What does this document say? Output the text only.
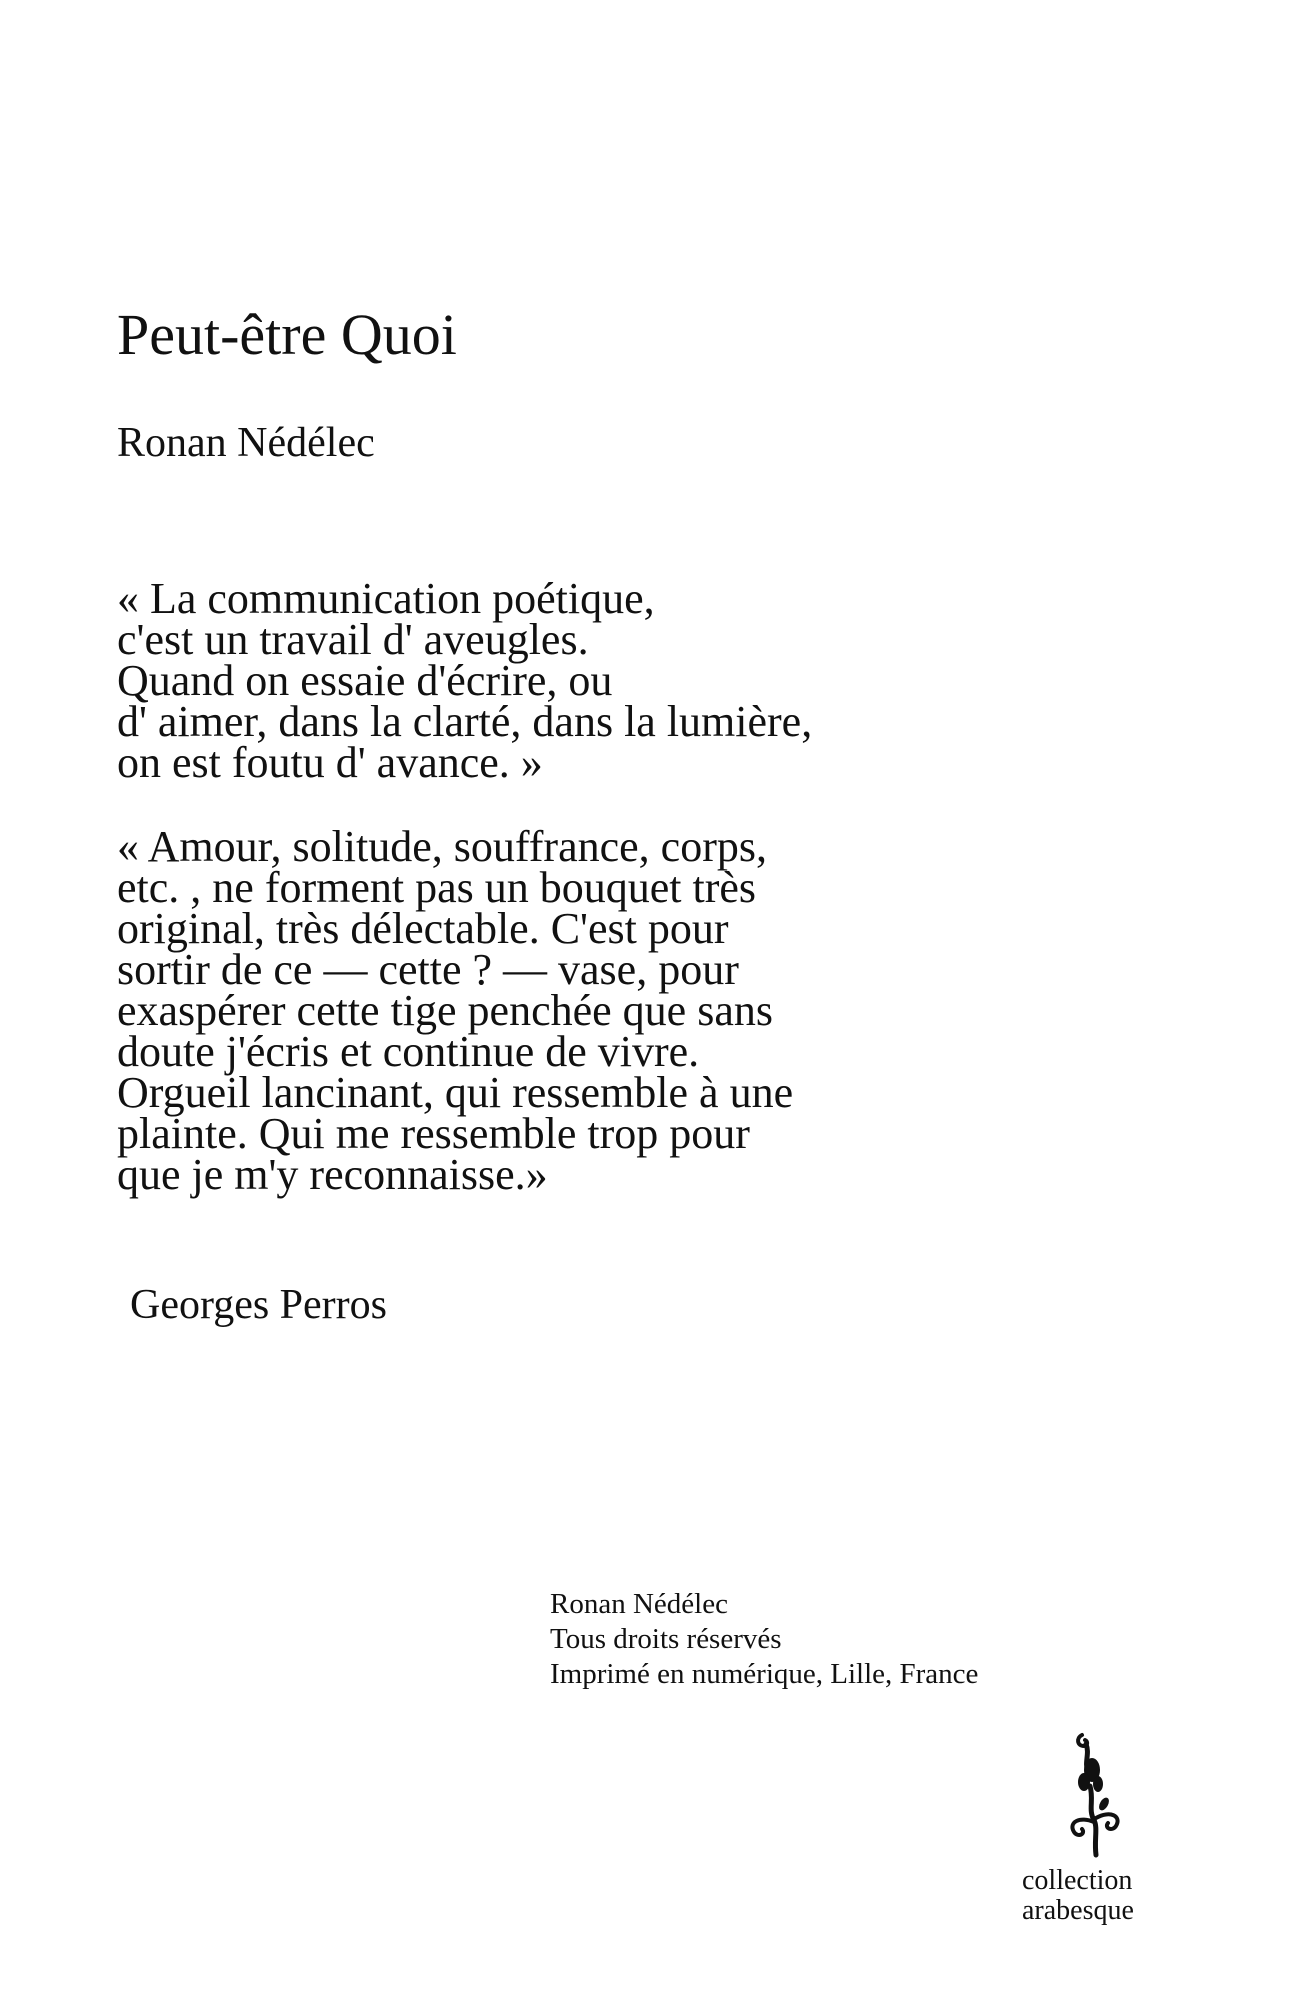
Peut-être Quoi

Ronan Nédélec

« La communication poétique,
c'est un travail d' aveugles.
Quand on essaie d'écrire, ou
d' aimer, dans la clarté, dans la lumière,
on est foutu d' avance. »

« Amour, solitude, souffrance, corps,
etc. , ne forment pas un bouquet très
original, très délectable. C'est pour
sortir de ce — cette ? — vase, pour
exaspérer cette tige penchée que sans
doute j'écris et continue de vivre.
Orgueil lancinant, qui ressemble à une
plainte. Qui me ressemble trop pour
que je m'y reconnaisse.»

Georges Perros

Ronan Nédélec
Tous droits réservés
Imprimé en numérique, Lille, France

collection
arabesque
